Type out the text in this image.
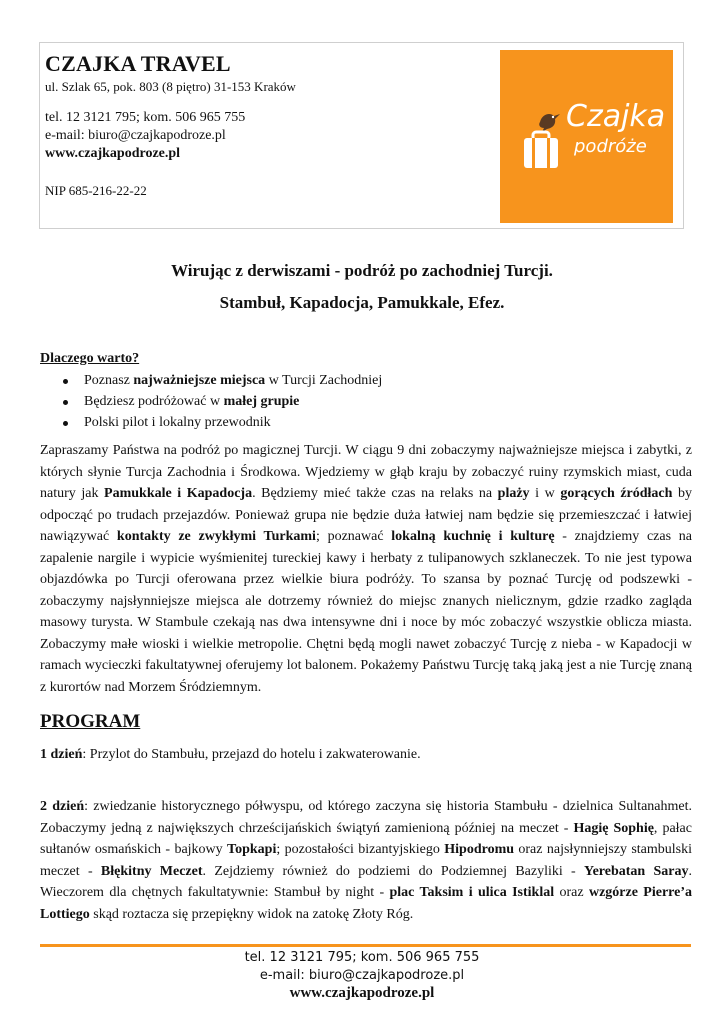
CZAJKA TRAVEL
ul. Szlak 65, pok. 803 (8 piętro) 31-153 Kraków
tel. 12 3121 795; kom. 506 965 755
e-mail: biuro@czajkapodroze.pl
www.czajkapodroze.pl
NIP 685-216-22-22
Czajka
podróże
Wirując z derwiszami - podróż po zachodniej Turcji.
Stambuł, Kapadocja, Pamukkale, Efez.
Dlaczego warto?
Poznasz najważniejsze miejsca w Turcji Zachodniej
Będziesz podróżować w małej grupie
Polski pilot i lokalny przewodnik

Zapraszamy Państwa na podróż po magicznej Turcji. W ciągu 9 dni zobaczymy najważniejsze miejsca i zabytki, z których słynie Turcja Zachodnia i Środkowa. Wjedziemy w głąb kraju by zobaczyć ruiny rzymskich miast, cuda natury jak Pamukkale i Kapadocja. Będziemy mieć także czas na relaks na plaży i w gorących źródłach by odpocząć po trudach przejazdów. Ponieważ grupa nie będzie duża łatwiej nam będzie się przemieszczać i łatwiej nawiązywać kontakty ze zwykłymi Turkami; poznawać lokalną kuchnię i kulturę - znajdziemy czas na zapalenie nargile i wypicie wyśmienitej tureckiej kawy i herbaty z tulipanowych szklaneczek. To nie jest typowa objazdówka po Turcji oferowana przez wielkie biura podróży. To szansa by poznać Turcję od podszewki - zobaczymy najsłynniejsze miejsca ale dotrzemy również do miejsc znanych nielicznym, gdzie rzadko zagląda masowy turysta. W Stambule czekają nas dwa intensywne dni i noce by móc zobaczyć wszystkie oblicza miasta. Zobaczymy małe wioski i wielkie metropolie. Chętni będą mogli nawet zobaczyć Turcję z nieba - w Kapadocji w ramach wycieczki fakultatywnej oferujemy lot balonem. Pokażemy Państwu Turcję taką jaką jest a nie Turcję znaną z kurortów nad Morzem Śródziemnym.

PROGRAM

1 dzień: Przylot do Stambułu, przejazd do hotelu i zakwaterowanie.

2 dzień: zwiedzanie historycznego półwyspu, od którego zaczyna się historia Stambułu - dzielnica Sultanahmet. Zobaczymy jedną z największych chrześcijańskich świątyń zamienioną później na meczet - Hagię Sophię, pałac sułtanów osmańskich - bajkowy Topkapi; pozostałości bizantyjskiego Hipodromu oraz najsłynniejszy stambulski meczet - Błękitny Meczet. Zejdziemy również do podziemi do Podziemnej Bazyliki - Yerebatan Saray. Wieczorem dla chętnych fakultatywnie: Stambuł by night - plac Taksim i ulica Istiklal oraz wzgórze Pierre’a Lottiego skąd roztacza się przepiękny widok na zatokę Złoty Róg.

tel. 12 3121 795; kom. 506 965 755
e-mail: biuro@czajkapodroze.pl
www.czajkapodroze.pl
